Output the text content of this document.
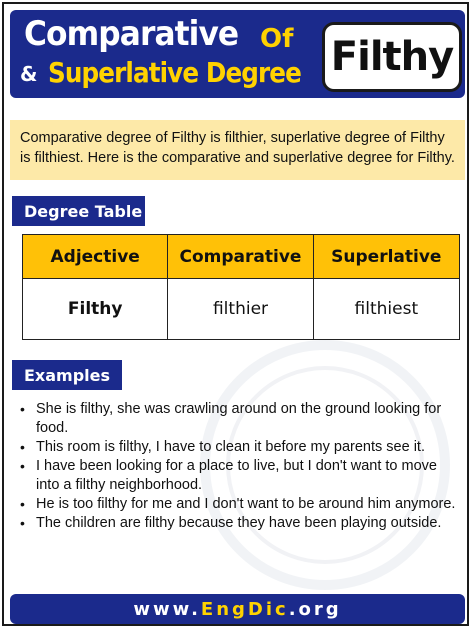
Comparative Of
& Superlative Degree Filthy
Comparative degree of Filthy is filthier, superlative degree of Filthy is filthiest. Here is the comparative and superlative degree for Filthy.
Degree Table
Adjective	Comparative	Superlative
Filthy	filthier	filthiest
Examples
• She is filthy, she was crawling around on the ground looking for food.
• This room is filthy, I have to clean it before my parents see it.
• I have been looking for a place to live, but I don't want to move into a filthy neighborhood.
• He is too filthy for me and I don't want to be around him anymore.
• The children are filthy because they have been playing outside.
www. EngDic .org
